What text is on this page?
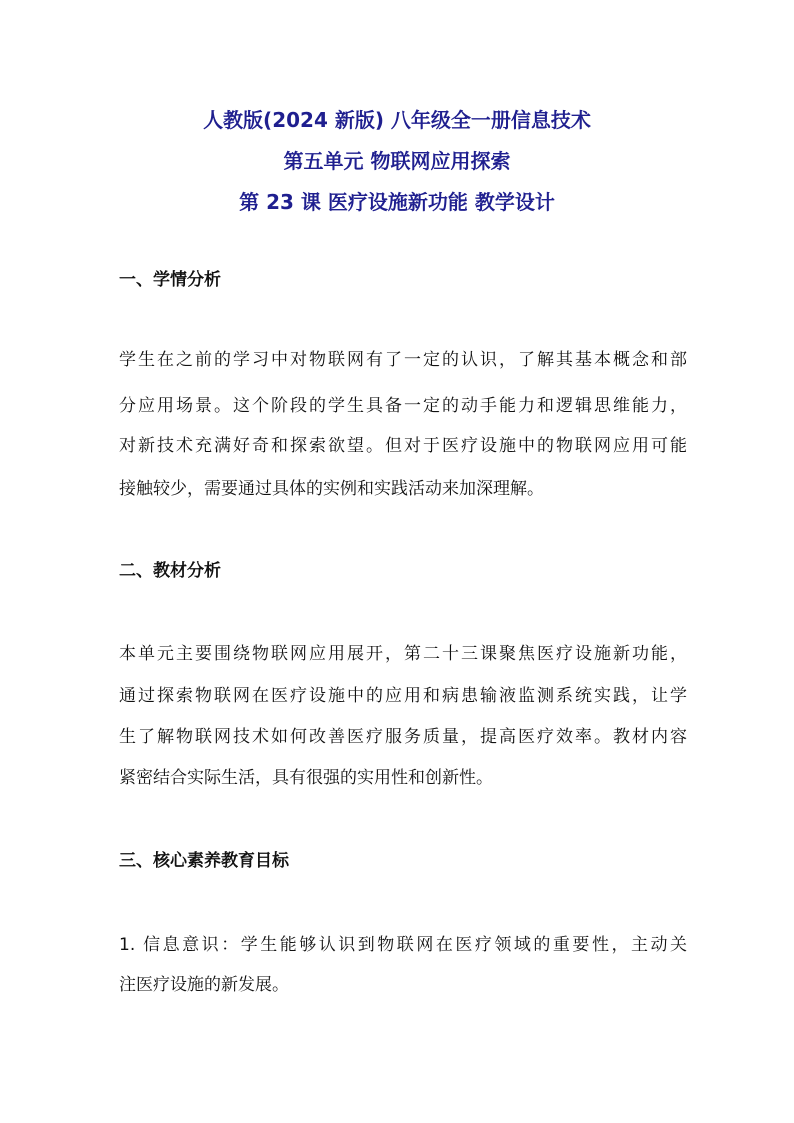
人教版(2024 新版) 八年级全一册信息技术
第五单元 物联网应用探索
第 23 课 医疗设施新功能 教学设计
一、学情分析
学生在之前的学习中对物联网有了一定的认识，了解其基本概念和部
分应用场景。这个阶段的学生具备一定的动手能力和逻辑思维能力，
对新技术充满好奇和探索欲望。但对于医疗设施中的物联网应用可能
接触较少，需要通过具体的实例和实践活动来加深理解。
二、教材分析
本单元主要围绕物联网应用展开，第二十三课聚焦医疗设施新功能，
通过探索物联网在医疗设施中的应用和病患输液监测系统实践，让学
生了解物联网技术如何改善医疗服务质量，提高医疗效率。教材内容
紧密结合实际生活，具有很强的实用性和创新性。
三、核心素养教育目标
1. 信息意识：学生能够认识到物联网在医疗领域的重要性，主动关
注医疗设施的新发展。
